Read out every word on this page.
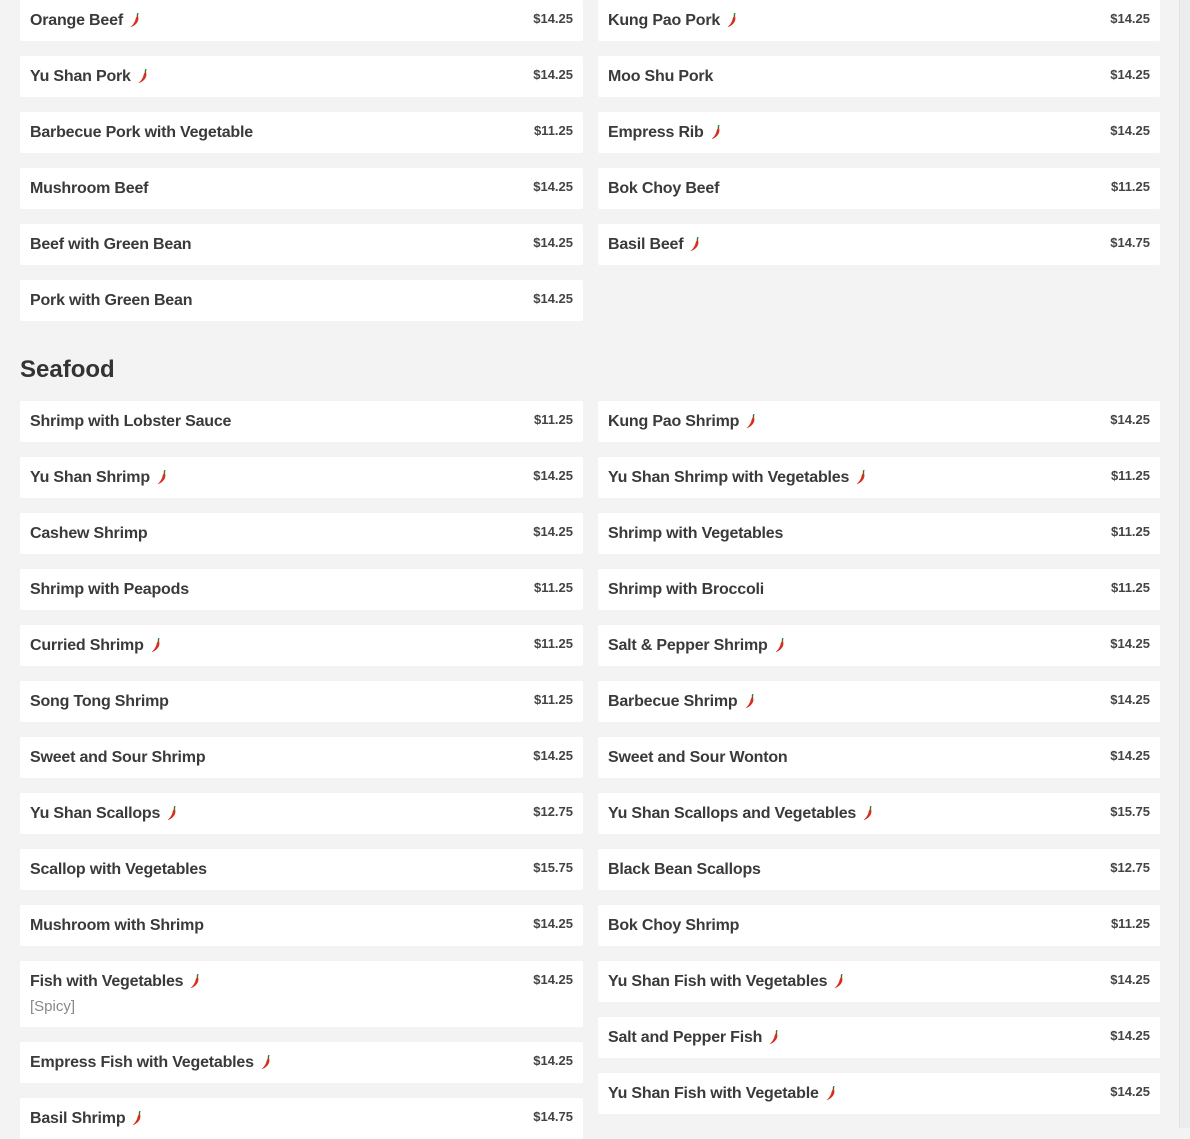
Orange Beef	$14.25
Yu Shan Pork	$14.25
Barbecue Pork with Vegetable	$11.25
Mushroom Beef	$14.25
Beef with Green Bean	$14.25
Pork with Green Bean	$14.25
Kung Pao Pork	$14.25
Moo Shu Pork	$14.25
Empress Rib	$14.25
Bok Choy Beef	$11.25
Basil Beef	$14.75
Seafood
Shrimp with Lobster Sauce	$11.25
Yu Shan Shrimp	$14.25
Cashew Shrimp	$14.25
Shrimp with Peapods	$11.25
Curried Shrimp	$11.25
Song Tong Shrimp	$11.25
Sweet and Sour Shrimp	$14.25
Yu Shan Scallops	$12.75
Scallop with Vegetables	$15.75
Mushroom with Shrimp	$14.25
Fish with Vegetables	$14.25
[Spicy]
Empress Fish with Vegetables	$14.25
Basil Shrimp	$14.75
Kung Pao Shrimp	$14.25
Yu Shan Shrimp with Vegetables	$11.25
Shrimp with Vegetables	$11.25
Shrimp with Broccoli	$11.25
Salt & Pepper Shrimp	$14.25
Barbecue Shrimp	$14.25
Sweet and Sour Wonton	$14.25
Yu Shan Scallops and Vegetables	$15.75
Black Bean Scallops	$12.75
Bok Choy Shrimp	$11.25
Yu Shan Fish with Vegetables	$14.25
Salt and Pepper Fish	$14.25
Yu Shan Fish with Vegetable	$14.25
